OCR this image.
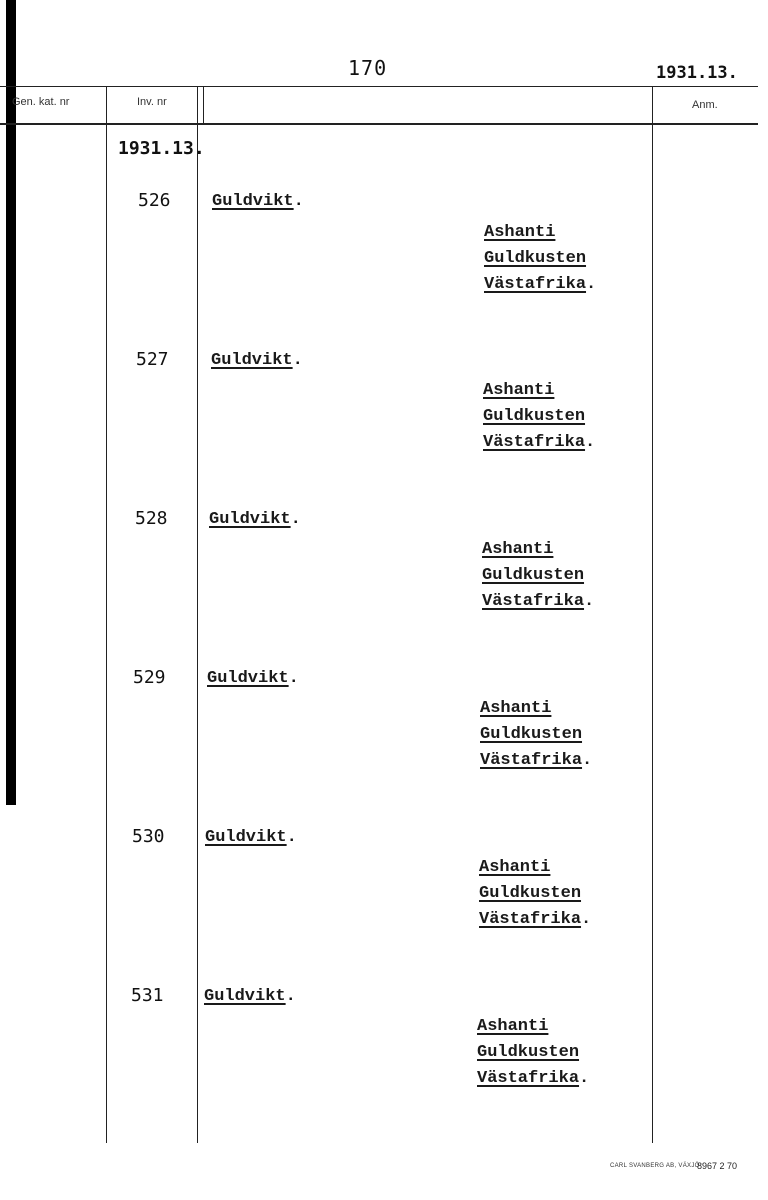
170	1931.13.
Gen. kat. nr	Inv. nr	Anm.
1931.13.
526 Guldvikt.
Ashanti
Guldkusten
Västafrika.
527 Guldvikt.
Ashanti
Guldkusten
Västafrika.
528 Guldvikt.
Ashanti
Guldkusten
Västafrika.
529 Guldvikt.
Ashanti
Guldkusten
Västafrika.
530 Guldvikt.
Ashanti
Guldkusten
Västafrika.
531 Guldvikt.
Ashanti
Guldkusten
Västafrika.
CARL SVANBERG AB, VÄXJÖ
8967 2 70
